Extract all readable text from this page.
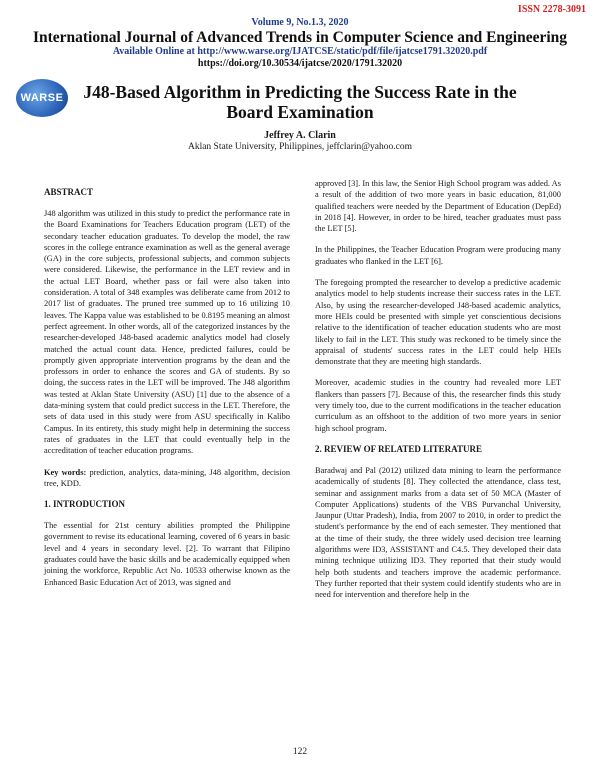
ISSN 2278-3091
Volume 9, No.1.3, 2020
International Journal of Advanced Trends in Computer Science and Engineering
Available Online at http://www.warse.org/IJATCSE/static/pdf/file/ijatcse1791.32020.pdf
https://doi.org/10.30534/ijatcse/2020/1791.32020
WARSE	J48-Based Algorithm in Predicting the Success Rate in the Board Examination
Jeffrey A. Clarin
Aklan State University, Philippines, jeffclarin@yahoo.com
ABSTRACT

J48 algorithm was utilized in this study to predict the performance rate in the Board Examinations for Teachers Education program (LET) of the secondary teacher education graduates. To develop the model, the raw scores in the college entrance examination as well as the general average (GA) in the core subjects, professional subjects, and common subjects were considered. Likewise, the performance in the LET review and in the actual LET Board, whether pass or fail were also taken into consideration. A total of 348 examples was deliberate came from 2012 to 2017 list of graduates. The pruned tree summed up to 16 utilizing 10 leaves. The Kappa value was established to be 0.8195 meaning an almost perfect agreement. In other words, all of the categorized instances by the researcher-developed J48-based academic analytics model had closely matched the actual count data. Hence, predicted failures, could be promptly given appropriate intervention programs by the dean and the professors in order to enhance the scores and GA of students. By so doing, the success rates in the LET will be improved. The J48 algorithm was tested at Aklan State University (ASU) [1] due to the absence of a data-mining system that could predict success in the LET. Therefore, the sets of data used in this study were from ASU specifically in Kalibo Campus. In its entirety, this study might help in determining the success rates of graduates in the LET that could eventually help in the accreditation of teacher education programs.

Key words: prediction, analytics, data-mining, J48 algorithm, decision tree, KDD.

1. INTRODUCTION

The essential for 21st century abilities prompted the Philippine government to revise its educational learning, covered of 6 years in basic level and 4 years in secondary level. [2]. To warrant that Filipino graduates could have the basic skills and be academically equipped when joining the workforce, Republic Act No. 10533 otherwise known as the Enhanced Basic Education Act of 2013, was signed and

approved [3]. In this law, the Senior High School program was added. As a result of the addition of two more years in basic education, 81,000 qualified teachers were needed by the Department of Education (DepEd) in 2018 [4]. However, in order to be hired, teacher graduates must pass the LET [5].

In the Philippines, the Teacher Education Program were producing many graduates who flanked in the LET [6].

The foregoing prompted the researcher to develop a predictive academic analytics model to help students increase their success rates in the LET. Also, by using the researcher-developed J48-based academic analytics, more HEIs could be presented with simple yet conscientious decisions relative to the identification of teacher education students who are most likely to fail in the LET. This study was reckoned to be timely since the appraisal of students' success rates in the LET could help HEIs demonstrate that they are meeting high standards.

Moreover, academic studies in the country had revealed more LET flankers than passers [7]. Because of this, the researcher finds this study very timely too, due to the current modifications in the teacher education curriculum as an offshoot to the addition of two more years in senior high school program.

2. REVIEW OF RELATED LITERATURE

Baradwaj and Pal (2012) utilized data mining to learn the performance academically of students [8]. They collected the attendance, class test, seminar and assignment marks from a data set of 50 MCA (Master of Computer Applications) students of the VBS Purvanchal University, Jaunpur (Uttar Pradesh), India, from 2007 to 2010, in order to predict the student's performance by the end of each semester. They mentioned that at the time of their study, the three widely used decision tree learning algorithms were ID3, ASSISTANT and C4.5. They developed their data mining technique utilizing ID3. They reported that their study would help both students and teachers improve the academic performance. They further reported that their system could identify students who are in need for intervention and therefore help in the

122
